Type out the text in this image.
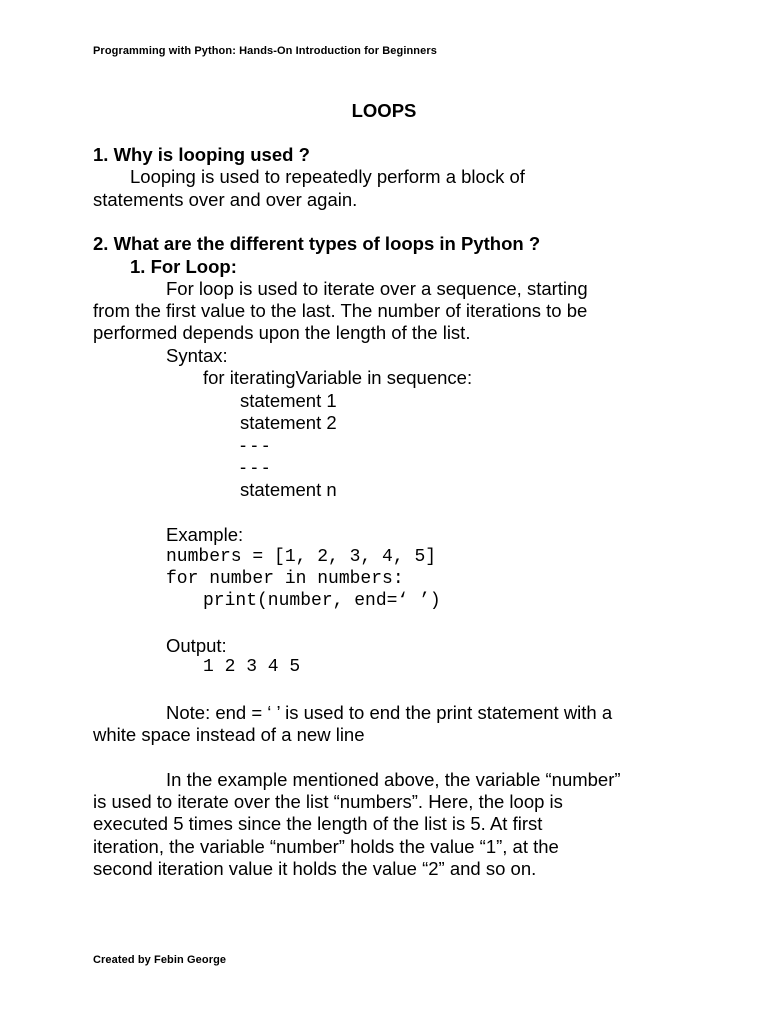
Programming with Python: Hands-On Introduction for Beginners
LOOPS
1. Why is looping used ?
Looping is used to repeatedly perform a block of
statements over and over again.
2. What are the different types of loops in Python ?
1. For Loop:
For loop is used to iterate over a sequence, starting
from the first value to the last. The number of iterations to be
performed depends upon the length of the list.
Syntax:
for iteratingVariable in sequence:
statement 1
statement 2
- - -
- - -
statement n
Example:
numbers = [1, 2, 3, 4, 5]
for number in numbers:
print(number, end=‘ ’)
Output:
1 2 3 4 5
Note: end = ‘ ’ is used to end the print statement with a
white space instead of a new line
In the example mentioned above, the variable “number”
is used to iterate over the list “numbers”. Here, the loop is
executed 5 times since the length of the list is 5. At first
iteration, the variable “number” holds the value “1”, at the
second iteration value it holds the value “2” and so on.
Created by Febin George
